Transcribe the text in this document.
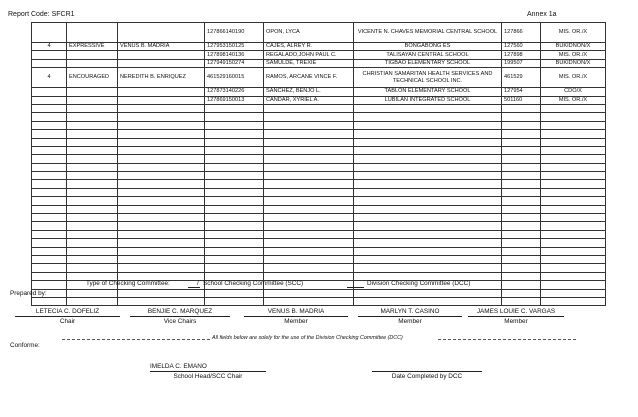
Report Code: SFCR1	Annex 1a
			127866140190	OPON, LYCA	VICENTE N. CHAVES MEMORIAL CENTRAL SCHOOL	127866	MIS. OR./X
4	EXPRESSIVE	VENUS B. MADRIA	127953150125	CAJES, ALREY R.	BONGABONG ES	127560	BUKIDNON/X
			127898140136	REGALADO,JOHN PAUL C.	TALISAYAN CENTRAL SCHOOL	127898	MIS. OR./X
			127949150274	SAMULDE, TREXIE	TIGBAO ELEMENTARY SCHOOL	199507	BUKIDNON/X
4	ENCOURAGED	NEREDITH B. ENRIQUEZ	461529160015	RAMOS, ARCANE VINCE F.	CHRISTIAN SAMARITAN HEALTH SERVICES AND TECHNICAL SCHOOL INC.	461529	MIS. OR./X
			127873140226	SANCHEZ, BENJO L.	TABLON ELEMENTARY SCHOOL	127954	CDO/X
			127869150013	CANDAR, XYRIEL A.	LUBILAN INTEGRATED SCHOOL	501160	MIS. OR./X

Type of Checking Committee:	/ School Checking Committee (SCC)	Division Checking Committee (DCC)
Prepared by:
LETECIA C. DOFELIZ
Chair
BENJIE C. MARQUEZ
Vice Chairs
VENUS B. MADRIA
Member
MARLYN T. CASINO
Member
JAMES LOUIE C. VARGAS
Member
All fields below are solely for the use of the Division Checking Committee (DCC)
Conforme:
IMELDA C. EMANO
School Head/SCC Chair	Date Completed by DCC
